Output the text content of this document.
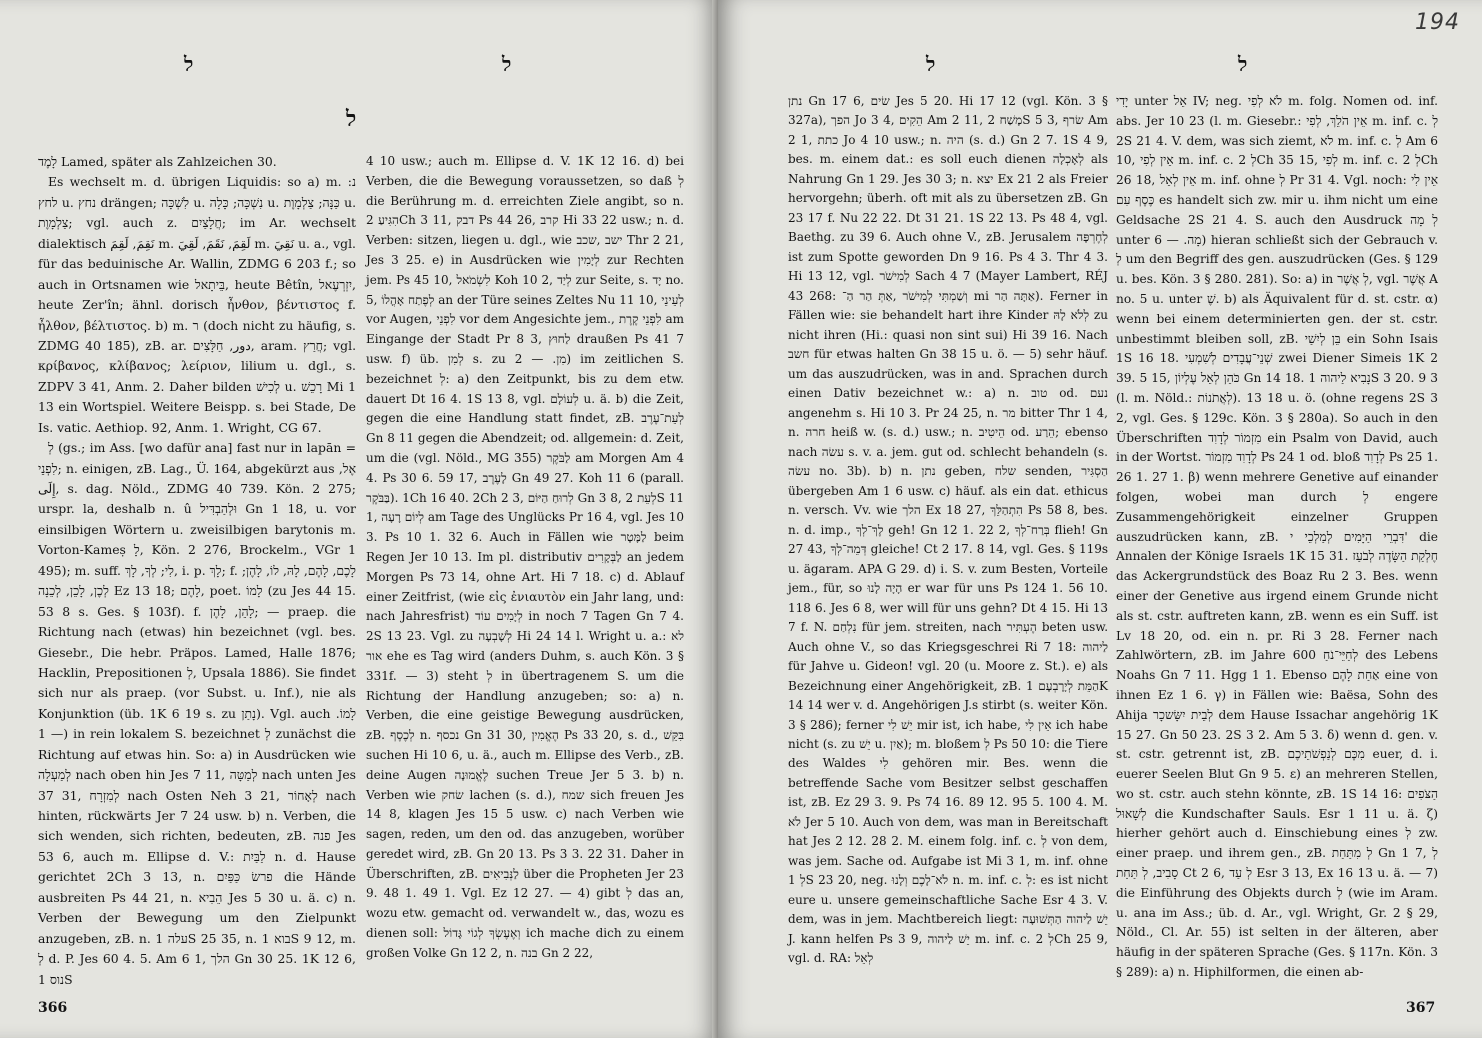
ל	ל
ל

לָמֶד Lamed, später als Zahlzeichen 30.

Es wechselt m. d. übrigen Liquidis: so a) m. נ: לחץ u. נחץ drängen; לִשְׁכָּה u. נִשְׁכָּה; כָּלָה u. כַּנָּה; צַלְמָוֶת u. צַלְמָוֶת; vgl. auch z. חֲלָצַיִם; im Ar. wechselt dialektisch نَقِمَ, لَقِمَ m. لَقِمَ, نَقَمَ, لَقِيَ m. نَقِيَ u. a., vgl. für das beduinische Ar. Wallin, ZDMG 6 203 f.; so auch in Ortsnamen wie בֵּיתָאל, heute Bêtîn, יִזְרְעֶאל, heute Zer'în; ähnl. dorisch ἦνθον, βέντιστος f. ἦλθον, βέλτιστος. b) m. ר (doch nicht zu häufig, s. ZDMG 40 185), zB. ar. دور, חַלָּצִים, aram. חֲרַץ; vgl. κρίβανος, κλίβανος; λείριον, lilium u. dgl., s. ZDPV 3 41, Anm. 2. Daher bilden לְכִישׁ u. רָכֵשׁ Mi 1 13 ein Wortspiel. Weitere Beispp. s. bei Stade, De Is. vatic. Aethiop. 92, Anm. 1. Wright, CG 67.

לְ (gs.; im Ass. [wo dafür ana] fast nur in lapān = לִפְנֵי; n. einigen, zB. Lag., Ü. 164, abgekürzt aus אֶל, إِلَى, s. dag. Nöld., ZDMG 40 739. Kön. 2 275; urspr. la, deshalb n. û וּלְהַבְדִּיל Gn 1 18, u. vor einsilbigen Wörtern u. zweisilbigen barytonis m. Vorton-Kameṣ לָ, Kön. 2 276, Brockelm., VGr 1 495); m. suff. לִי; לְךָ, לָךְ, i. p. לָךְ; f. לָכֶם, לָהֶם, לָהּ, לוֹ, לָהֶן; לְכֶן, לָכֵן, לְכֵנָה Ez 13 18; לָהֶם, poet. לָמוֹ (zu Jes 44 15. 53 8 s. Ges. § 103f). f. לָהֵן, לָהֶן; — praep. die Richtung nach (etwas) hin bezeichnet (vgl. bes. Giesebr., Die hebr. Präpos. Lamed, Halle 1876; Hacklin, Prepositionen לְ, Upsala 1886). Sie findet sich nur als praep. (vor Subst. u. Inf.), nie als Konjunktion (üb. 1K 6 19 s. zu נָתַן). Vgl. auch לָמוֹ. — 1) in rein lokalem S. bezeichnet לְ zunächst die Richtung auf etwas hin. So: a) in Ausdrücken wie לְמַעְלָה nach oben hin Jes 7 11, לְמַטָּה nach unten Jes 37 31, לְמִזְרָח nach Osten Neh 3 21, לְאָחוֹר nach hinten, rückwärts Jer 7 24 usw. b) n. Verben, die sich wenden, sich richten, bedeuten, zB. פנה Jes 53 6, auch m. Ellipse d. V.: לַבַּיִת n. d. Hause gerichtet 2Ch 3 13, n. פרשׂ כַּפַּיִם die Hände ausbreiten Ps 44 21, n. הֵבִיא Jes 5 30 u. ä. c) n. Verben der Bewegung um den Zielpunkt anzugeben, zB. n. עלה 1S 25 35, n. בוא 1S 9 12, m. לְ d. P. Jes 60 4. 5. Am 6 1, הלך Gn 30 25. 1K 12 6, נוס 1S

4 10 usw.; auch m. Ellipse d. V. 1K 12 16. d) bei Verben, die die Bewegung voraussetzen, so daß לְ die Berührung m. d. erreichten Ziele angibt, so n. הִגִּיעַ 2Ch 3 11, דבק Ps 44 26, קרב Hi 33 22 usw.; n. d. Verben: sitzen, liegen u. dgl., wie ישב ,שכב Thr 2 21, Jes 3 25. e) in Ausdrücken wie לְיָמִין zur Rechten jem. Ps 45 10, לִשְׂמֹאל Koh 10 2, לְיַד zur Seite, s. יָד no. 5, לְפֶתַח אָהֳלוֹ an der Türe seines Zeltes Nu 11 10, לְעֵינֵי vor Augen, לִפְנֵי vor dem Angesichte jem., לִפְנֵי קֶרֶת am Eingange der Stadt Pr 8 3, לַחוּץ draußen Ps 41 7 usw. f) üb. לְמִן s. zu מִן. — 2) im zeitlichen S. bezeichnet לְ: a) den Zeitpunkt, bis zu dem etw. dauert Dt 16 4. 1S 13 8, vgl. לְעוֹלָם u. ä. b) die Zeit, gegen die eine Handlung statt findet, zB. לְעֵת־עֶרֶב Gn 8 11 gegen die Abendzeit; od. allgemein: d. Zeit, um die (vgl. Nöld., MG 355) לַבֹּקֶר am Morgen Am 4 4. Ps 30 6. 59 17, לָעֶרֶב Gn 49 27. Koh 11 6 (parall. בַּבֹּקֶר). 1Ch 16 40. 2Ch 2 3, לְרוּחַ הַיּוֹם Gn 3 8, לְעֵת 2S 11 1, לְיוֹם רָעָה am Tage des Unglücks Pr 16 4, vgl. Jes 10 3. Ps 10 1. 32 6. Auch in Fällen wie לַמָּטָר beim Regen Jer 10 13. Im pl. distributiv לַבְּקָרִים an jedem Morgen Ps 73 14, ohne Art. Hi 7 18. c) d. Ablauf einer Zeitfrist, (wie εἰς ἐνιαυτὸν ein Jahr lang, und: nach Jahresfrist) לְיָמִים עוֹד in noch 7 Tagen Gn 7 4. 2S 13 23. Vgl. zu לְשָׁבְעָה Hi 24 14 l. Wright u. a.: לא אור ehe es Tag wird (anders Duhm, s. auch Kön. 3 § 331f. — 3) steht לְ in übertragenem S. um die Richtung der Handlung anzugeben; so: a) n. Verben, die eine geistige Bewegung ausdrücken, zB. לְכֶסֶף n. נכסף Gn 31 30, הֶאֱמִין Ps 33 20, s. d., בִּקֵּשׁ suchen Hi 10 6, u. ä., auch m. Ellipse des Verb., zB. deine Augen לֶאֱמוּנָה suchen Treue Jer 5 3. b) n. Verben wie שׂחק lachen (s. d.), שמח sich freuen Jes 14 8, klagen Jes 15 5 usw. c) nach Verben wie sagen, reden, um den od. das anzugeben, worüber geredet wird, zB. Gn 20 13. Ps 3 3. 22 31. Daher in Überschriften, zB. לַנְּבִיאִים über die Propheten Jer 23 9. 48 1. 49 1. Vgl. Ez 12 27. — 4) gibt לְ das an, wozu etw. gemacht od. verwandelt w., das, wozu es dienen soll: וְאֶעֶשְׂךָ לְגוֹי גָּדוֹל ich mache dich zu einem großen Volke Gn 12 2, n. בנה Gn 2 22,

366
194
ל	ל

נתן Gn 17 6, שׂים Jes 5 20. Hi 17 12 (vgl. Kön. 3 § 327a), הפך Jo 3 4, הֵקִים Am 2 11, מָשַׁח 2S 5 3, שׂרף Am 2 1, כתת Jo 4 10 usw.; n. היה (s. d.) Gn 2 7. 1S 4 9, bes. m. einem dat.: es soll euch dienen לְאָכְלָה als Nahrung Gn 1 29. Jes 30 3; n. יצא Ex 21 2 als Freier hervorgehn; überh. oft mit als zu übersetzen zB. Gn 23 17 f. Nu 22 22. Dt 31 21. 1S 22 13. Ps 48 4, vgl. Baethg. zu 39 6. Auch ohne V., zB. Jerusalem לְחֶרְפָּה ist zum Spotte geworden Dn 9 16. Ps 4 3. Thr 4 3. Hi 13 12, vgl. לְמִישֹׁר Sach 4 7 (Mayer Lambert, RÉJ 43 268: וְשַׁמְתִּי לְמִישֹׁר ,אַתְּ הַר הַ־ mi אַתָּה הַר). Ferner in Fällen wie: sie behandelt hart ihre Kinder לְלֹא לָהּ zu nicht ihren (Hi.: quasi non sint sui) Hi 39 16. Nach חשב für etwas halten Gn 38 15 u. ö. — 5) sehr häuf. um das auszudrücken, was in and. Sprachen durch einen Dativ bezeichnet w.: a) n. טוב od. נעם angenehm s. Hi 10 3. Pr 24 25, n. מר bitter Thr 1 4, n. חרה heiß w. (s. d.) usw.; n. הֵיטִיב od. הֵרַע; ebenso nach עשׂה s. v. a. jem. gut od. schlecht behandeln (s. עשׂה no. 3b). b) n. נתן geben, שלח senden, הַסְגִּיר übergeben Am 1 6 usw. c) häuf. als ein dat. ethicus n. versch. Vv. wie הלך Ex 18 27, הִתְהַלֵּךְ Ps 58 8, bes. n. d. imp., לֶךְ־לְךָ geh! Gn 12 1. 22 2, בְּרַח־לְךָ flieh! Gn 27 43, דְּמֵה־לְךָ gleiche! Ct 2 17. 8 14, vgl. Ges. § 119s u. ägaram. APA G 29. d) i. S. v. zum Besten, Vorteile jem., für, so הָיָה לָנוּ er war für uns Ps 124 1. 56 10. 118 6. Jes 6 8, wer will für uns gehn? Dt 4 15. Hi 13 7 f. N. נִלְחַם für jem. streiten, nach הֶעְתִּיר beten usw. Auch ohne V., so das Kriegsgeschrei Ri 7 18: לַיהוה für Jahve u. Gideon! vgl. 20 (u. Moore z. St.). e) als Bezeichnung einer Angehörigkeit, zB. הַמֵּת לְיָרָבְעָם 1K 14 14 wer v. d. Angehörigen J.s stirbt (s. weiter Kön. 3 § 286); ferner יֵשׁ לִי mir ist, ich habe, אֵין לִי ich habe nicht (s. zu יֵשׁ u. אַיִן); m. bloßem לְ Ps 50 10: die Tiere des Waldes לִי gehören mir. Bes. wenn die betreffende Sache vom Besitzer selbst geschaffen ist, zB. Ez 29 3. 9. Ps 74 16. 89 12. 95 5. 100 4. M. לֹא Jer 5 10. Auch von dem, was man in Bereitschaft hat Jes 2 12. 28 2. M. einem folg. inf. c. לְ von dem, was jem. Sache od. Aufgabe ist Mi 3 1, m. inf. ohne לְ 1S 23 20, neg. לֹא־לָכֶם וְלָנוּ n. m. inf. c. לְ: es ist nicht eure u. unsere gemeinschaftliche Sache Esr 4 3. V. dem, was in jem. Machtbereich liegt: יֵשׁ לַיהוה הַתְּשׁוּעָה J. kann helfen Ps 3 9, יֵשׁ לַיהוה m. inf. c. לְ 2Ch 25 9, vgl. d. RA: לְאֵל

יָדִי unter אֵל IV; neg. לֹא לְפִי m. folg. Nomen od. inf. abs. Jer 10 23 (l. m. Giesebr.: אֵין הֹלֵךְ, לְפִי m. inf. c. לְ 2S 21 4. V. dem, was sich ziemt, לֹא m. inf. c. לְ Am 6 10, אֵין לְפִי m. inf. c. לְ 2Ch 35 15, לְפִי m. inf. c. לְ 2Ch 26 18, אֵין לְאֵל m. inf. ohne לְ Pr 31 4. Vgl. noch: אֵין לִי כֶּסֶף עִם es handelt sich zw. mir u. ihm nicht um eine Geldsache 2S 21 4. S. auch den Ausdruck לְ מָה unter מָה. — 6) hieran schließt sich der Gebrauch v. לְ um den Begriff des gen. auszudrücken (Ges. § 129 u. bes. Kön. 3 § 280. 281). So: a) in לְ אֲשֶׁר, vgl. אֲשֶׁר A no. 5 u. unter שֶׁ. b) als Äquivalent für d. st. cstr. α) wenn bei einem determinierten gen. der st. cstr. unbestimmt bleiben soll, zB. בֵּן לְיִשַׁי ein Sohn Isais 1S 16 18. שְׁנֵי־עֲבָדִים לְשִׁמְעִי zwei Diener Simeis 1K 2 39. 5 15, כֹּהֵן לְאֵל עֶלְיוֹן Gn 14 18. נָבִיא לַיהוה 1S 3 20. 9 3 (l. m. Nöld.: לְאֲתֹנוֹת). 18 13 u. ö. (ohne regens 2S 3 2, vgl. Ges. § 129c. Kön. 3 § 280a). So auch in den Überschriften מִזְמוֹר לְדָוִד ein Psalm von David, auch in der Wortst. לְדָוִד מִזְמוֹר Ps 24 1 od. bloß לְדָוִד Ps 25 1. 26 1. 27 1. β) wenn mehrere Genetive auf einander folgen, wobei man durch לְ engere Zusammengehörigkeit einzelner Gruppen auszudrücken kann, zB. דִּבְרֵי הַיָּמִים לְמַלְכֵי י' die Annalen der Könige Israels 1K 15 31. חֶלְקַת הַשָּׂדֶה לְבֹעַז das Ackergrundstück des Boaz Ru 2 3. Bes. wenn einer der Genetive aus irgend einem Grunde nicht als st. cstr. auftreten kann, zB. wenn es ein Suff. ist Lv 18 20, od. ein n. pr. Ri 3 28. Ferner nach Zahlwörtern, zB. im Jahre 600 לְחַיֵּי־נֹחַ des Lebens Noahs Gn 7 11. Hgg 1 1. Ebenso אַחַת לָהֶם eine von ihnen Ez 1 6. γ) in Fällen wie: Baësa, Sohn des Ahija לְבֵית יִשָּׂשכָר dem Hause Issachar angehörig 1K 15 27. Gn 50 23. 2S 3 2. Am 5 3. δ) wenn d. gen. v. st. cstr. getrennt ist, zB. מִכֶּם לְנַפְשֹׁתֵיכֶם euer, d. i. euerer Seelen Blut Gn 9 5. ε) an mehreren Stellen, wo st. cstr. auch stehn könnte, zB. 1S 14 16: הַצֹּפִים לְשָׁאוּל die Kundschafter Sauls. Esr 1 11 u. ä. ζ) hierher gehört auch d. Einschiebung eines לְ zw. einer praep. und ihrem gen., zB. לְ מִתַּחַת Gn 1 7, לְ סָבִיב, לְ תַּחַת Ct 2 6, לְ עַד Esr 3 13, Ex 16 13 u. ä. — 7) die Einführung des Objekts durch לְ (wie im Aram. u. ana im Ass.; üb. d. Ar., vgl. Wright, Gr. 2 § 29, Nöld., Cl. Ar. 55) ist selten in der älteren, aber häufig in der späteren Sprache (Ges. § 117n. Kön. 3 § 289): a) n. Hiphilformen, die einen ab-

367
